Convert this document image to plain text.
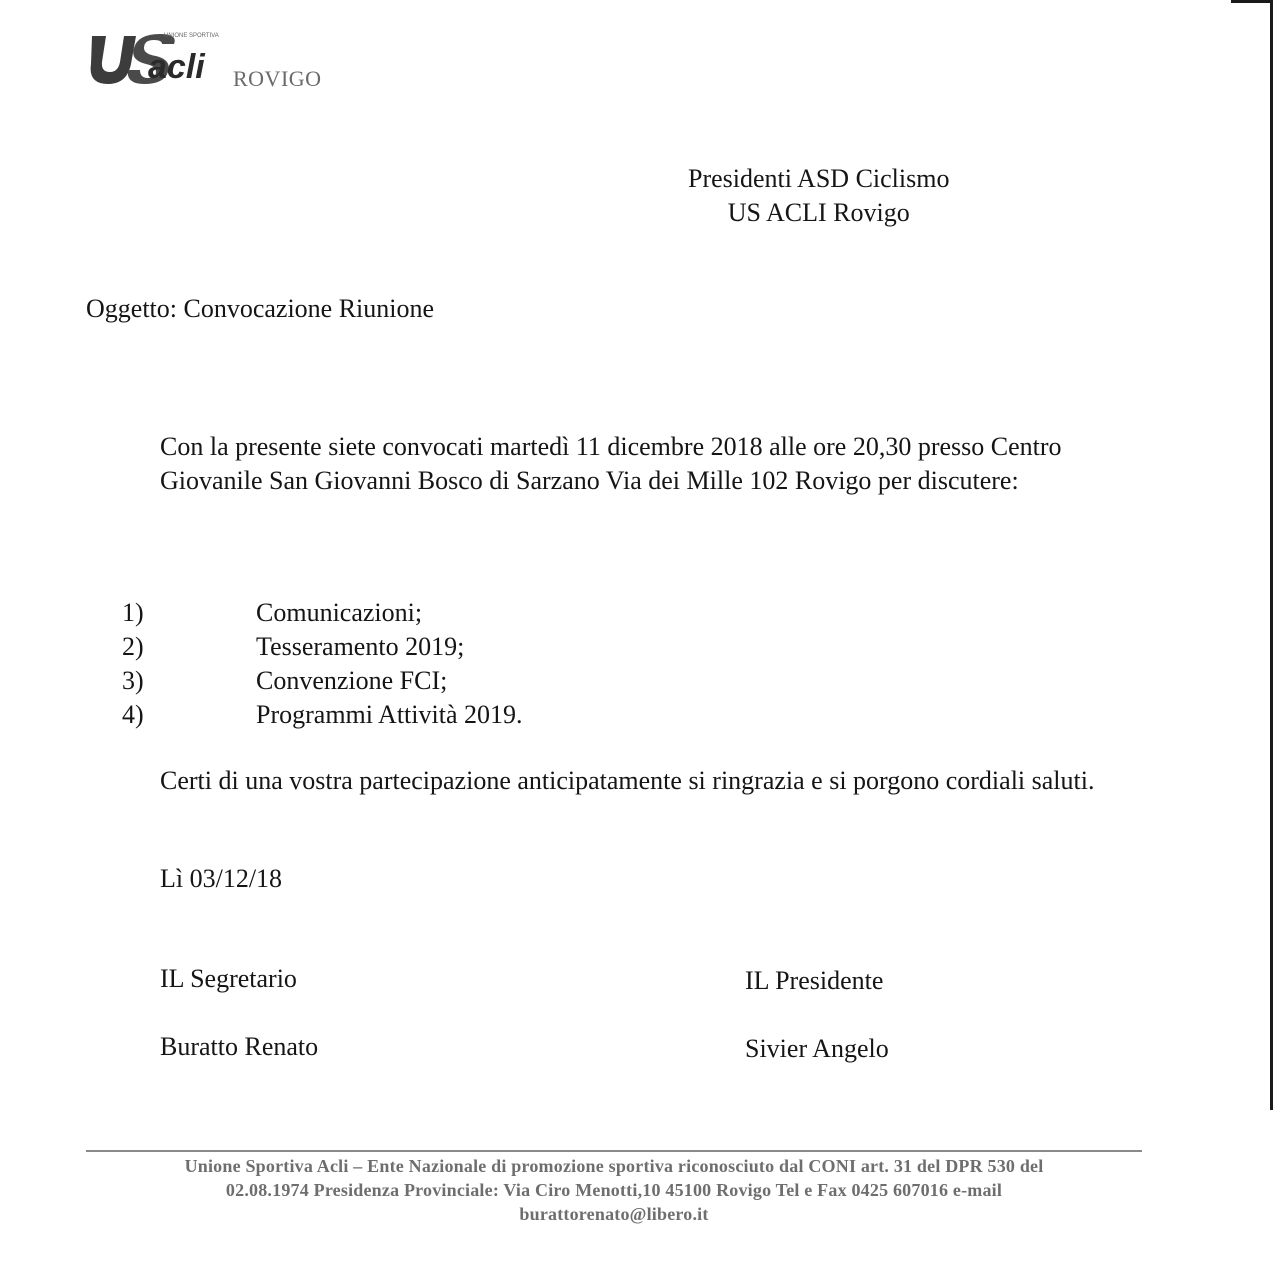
UNIONE SPORTIVA
acli ROVIGO
Presidenti ASD Ciclismo
US ACLI Rovigo
Oggetto: Convocazione Riunione
Con la presente siete convocati martedì 11 dicembre 2018 alle ore 20,30 presso Centro Giovanile San Giovanni Bosco di Sarzano Via dei Mille 102 Rovigo per discutere:
1)	Comunicazioni;
2)	Tesseramento 2019;
3)	Convenzione FCI;
4)	Programmi Attività 2019.
Certi di una vostra partecipazione anticipatamente si ringrazia e si porgono cordiali saluti.
Lì 03/12/18
IL Segretario
Buratto Renato
IL Presidente
Sivier Angelo
Unione Sportiva Acli – Ente Nazionale di promozione sportiva riconosciuto dal CONI art. 31 del DPR 530 del
02.08.1974 Presidenza Provinciale: Via Ciro Menotti,10 45100 Rovigo Tel e Fax 0425 607016 e-mail
burattorenato@libero.it
